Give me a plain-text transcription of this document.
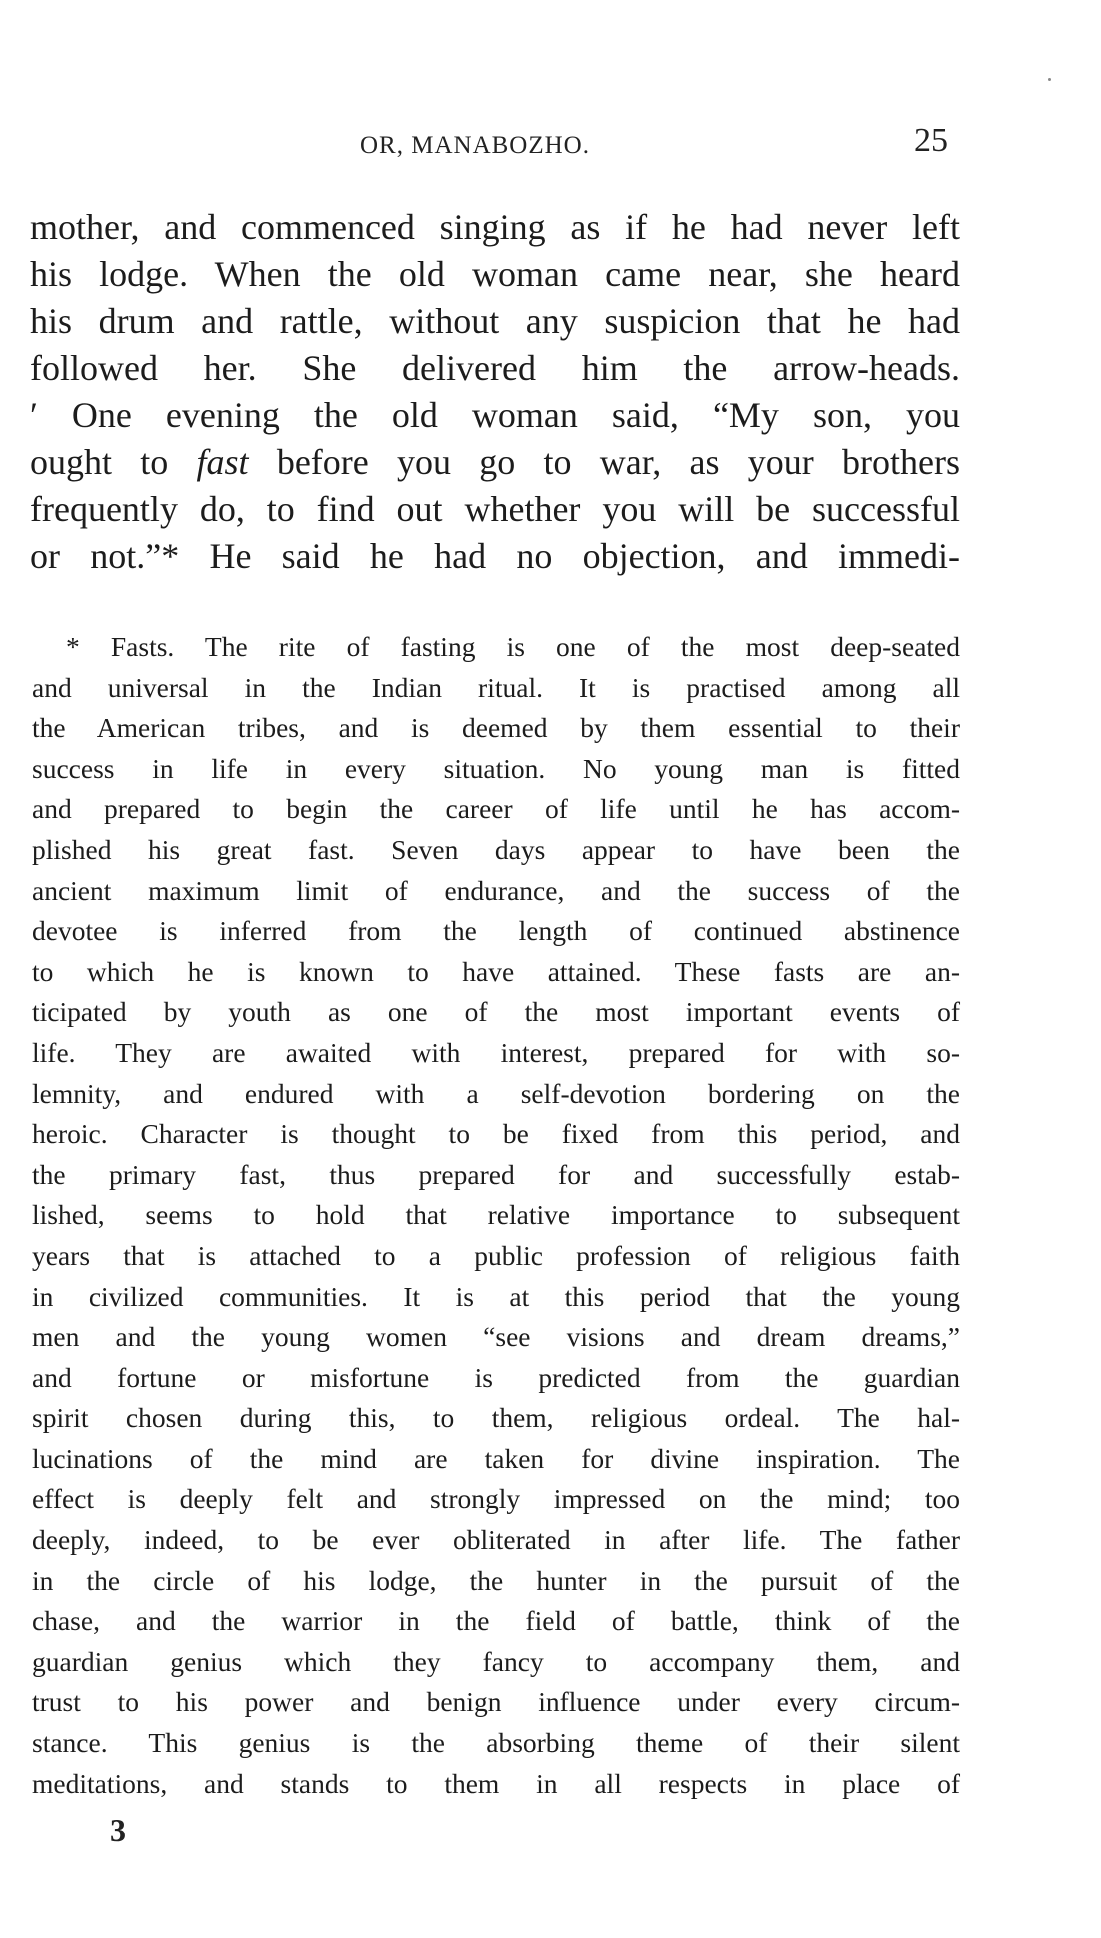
OR, MANABOZHO.	25
mother, and commenced singing as if he had never left
his lodge. When the old woman came near, she heard
his drum and rattle, without any suspicion that he had
followed her. She delivered him the arrow-heads.
′ One evening the old woman said, “My son, you
ought to fast before you go to war, as your brothers
frequently do, to find out whether you will be successful
or not.”* He said he had no objection, and immedi-
* Fasts. The rite of fasting is one of the most deep-seated
and universal in the Indian ritual. It is practised among all
the American tribes, and is deemed by them essential to their
success in life in every situation. No young man is fitted
and prepared to begin the career of life until he has accom-
plished his great fast. Seven days appear to have been the
ancient maximum limit of endurance, and the success of the
devotee is inferred from the length of continued abstinence
to which he is known to have attained. These fasts are an-
ticipated by youth as one of the most important events of
life. They are awaited with interest, prepared for with so-
lemnity, and endured with a self-devotion bordering on the
heroic. Character is thought to be fixed from this period, and
the primary fast, thus prepared for and successfully estab-
lished, seems to hold that relative importance to subsequent
years that is attached to a public profession of religious faith
in civilized communities. It is at this period that the young
men and the young women “see visions and dream dreams,”
and fortune or misfortune is predicted from the guardian
spirit chosen during this, to them, religious ordeal. The hal-
lucinations of the mind are taken for divine inspiration. The
effect is deeply felt and strongly impressed on the mind; too
deeply, indeed, to be ever obliterated in after life. The father
in the circle of his lodge, the hunter in the pursuit of the
chase, and the warrior in the field of battle, think of the
guardian genius which they fancy to accompany them, and
trust to his power and benign influence under every circum-
stance. This genius is the absorbing theme of their silent
meditations, and stands to them in all respects in place of
3
